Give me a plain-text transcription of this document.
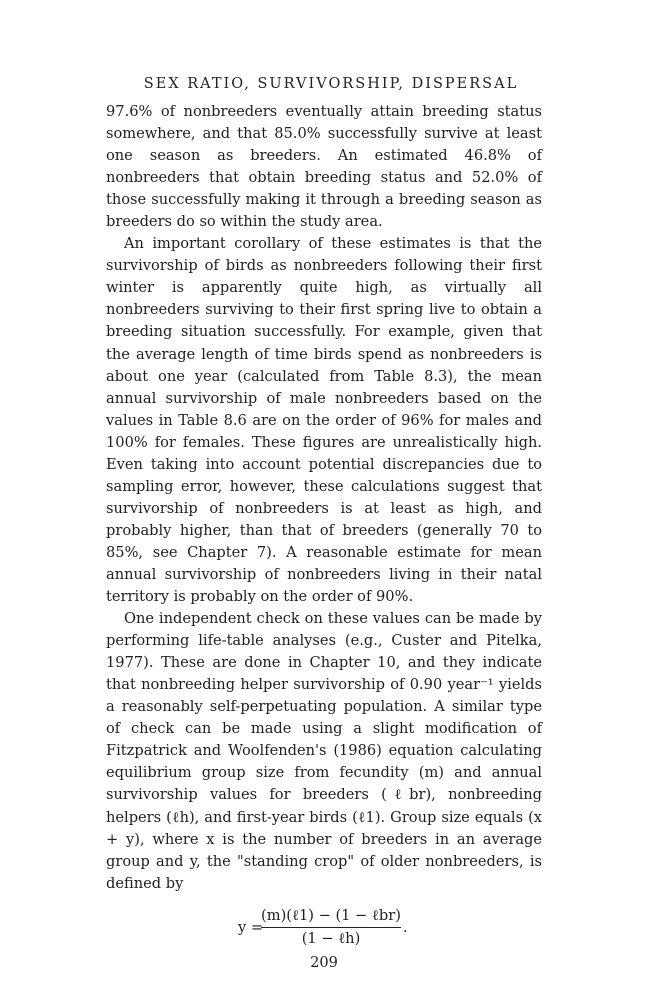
SEX RATIO, SURVIVORSHIP, DISPERSAL

97.6% of nonbreeders eventually attain breeding status somewhere, and that 85.0% successfully survive at least one season as breeders. An estimated 46.8% of nonbreeders that obtain breeding status and 52.0% of those successfully making it through a breeding season as breeders do so within the study area.

An important corollary of these estimates is that the survivorship of birds as nonbreeders following their first winter is apparently quite high, as virtually all nonbreeders surviving to their first spring live to obtain a breeding situation successfully. For example, given that the average length of time birds spend as nonbreeders is about one year (calculated from Table 8.3), the mean annual survivorship of male nonbreeders based on the values in Table 8.6 are on the order of 96% for males and 100% for females. These figures are unrealistically high. Even taking into account potential discrepancies due to sampling error, however, these calculations suggest that survivorship of nonbreeders is at least as high, and probably higher, than that of breeders (generally 70 to 85%, see Chapter 7). A reasonable estimate for mean annual survivorship of nonbreeders living in their natal territory is probably on the order of 90%.

One independent check on these values can be made by performing life-table analyses (e.g., Custer and Pitelka, 1977). These are done in Chapter 10, and they indicate that nonbreeding helper survivorship of 0.90 year⁻¹ yields a reasonably self-perpetuating population. A similar type of check can be made using a slight modification of Fitzpatrick and Woolfenden's (1986) equation calculating equilibrium group size from fecundity (m) and annual survivorship values for breeders (ℓbr), nonbreeding helpers (ℓh), and first-year birds (ℓ1). Group size equals (x + y), where x is the number of breeders in an average group and y, the "standing crop" of older nonbreeders, is defined by

y =
(m)(ℓ1) − (1 − ℓbr)
(1 − ℓh)
.
209
